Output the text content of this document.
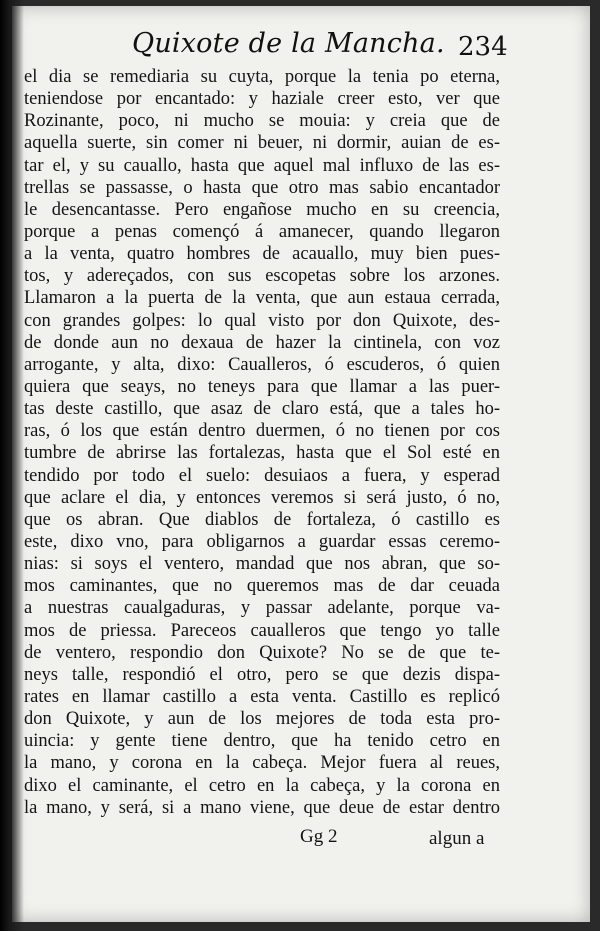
Quixote de la Mancha. 234
el dia se remediaria su cuyta, porque la tenia po eterna,
teniendose por encantado: y haziale creer esto, ver que
Rozinante, poco, ni mucho se mouia: y creia que de
aquella suerte, sin comer ni beuer, ni dormir, auian de es-
tar el, y su cauallo, hasta que aquel mal influxo de las es-
trellas se passasse, o hasta que otro mas sabio encantador
le desencantasse. Pero engañose mucho en su creencia,
porque a penas començó á amanecer, quando llegaron
a la venta, quatro hombres de acauallo, muy bien pues-
tos, y adereçados, con sus escopetas sobre los arzones.
Llamaron a la puerta de la venta, que aun estaua cerrada,
con grandes golpes: lo qual visto por don Quixote, des-
de donde aun no dexaua de hazer la cintinela, con voz
arrogante, y alta, dixo: Caualleros, ó escuderos, ó quien
quiera que seays, no teneys para que llamar a las puer-
tas deste castillo, que asaz de claro está, que a tales ho-
ras, ó los que están dentro duermen, ó no tienen por cos
tumbre de abrirse las fortalezas, hasta que el Sol esté en
tendido por todo el suelo: desuiaos a fuera, y esperad
que aclare el dia, y entonces veremos si será justo, ó no,
que os abran. Que diablos de fortaleza, ó castillo es
este, dixo vno, para obligarnos a guardar essas ceremo-
nias: si soys el ventero, mandad que nos abran, que so-
mos caminantes, que no queremos mas de dar ceuada
a nuestras caualgaduras, y passar adelante, porque va-
mos de priessa. Pareceos caualleros que tengo yo talle
de ventero, respondio don Quixote? No se de que te-
neys talle, respondió el otro, pero se que dezis dispa-
rates en llamar castillo a esta venta. Castillo es replicó
don Quixote, y aun de los mejores de toda esta pro-
uincia: y gente tiene dentro, que ha tenido cetro en
la mano, y corona en la cabeça. Mejor fuera al reues,
dixo el caminante, el cetro en la cabeça, y la corona en
la mano, y será, si a mano viene, que deue de estar dentro
Gg 2	algun a
